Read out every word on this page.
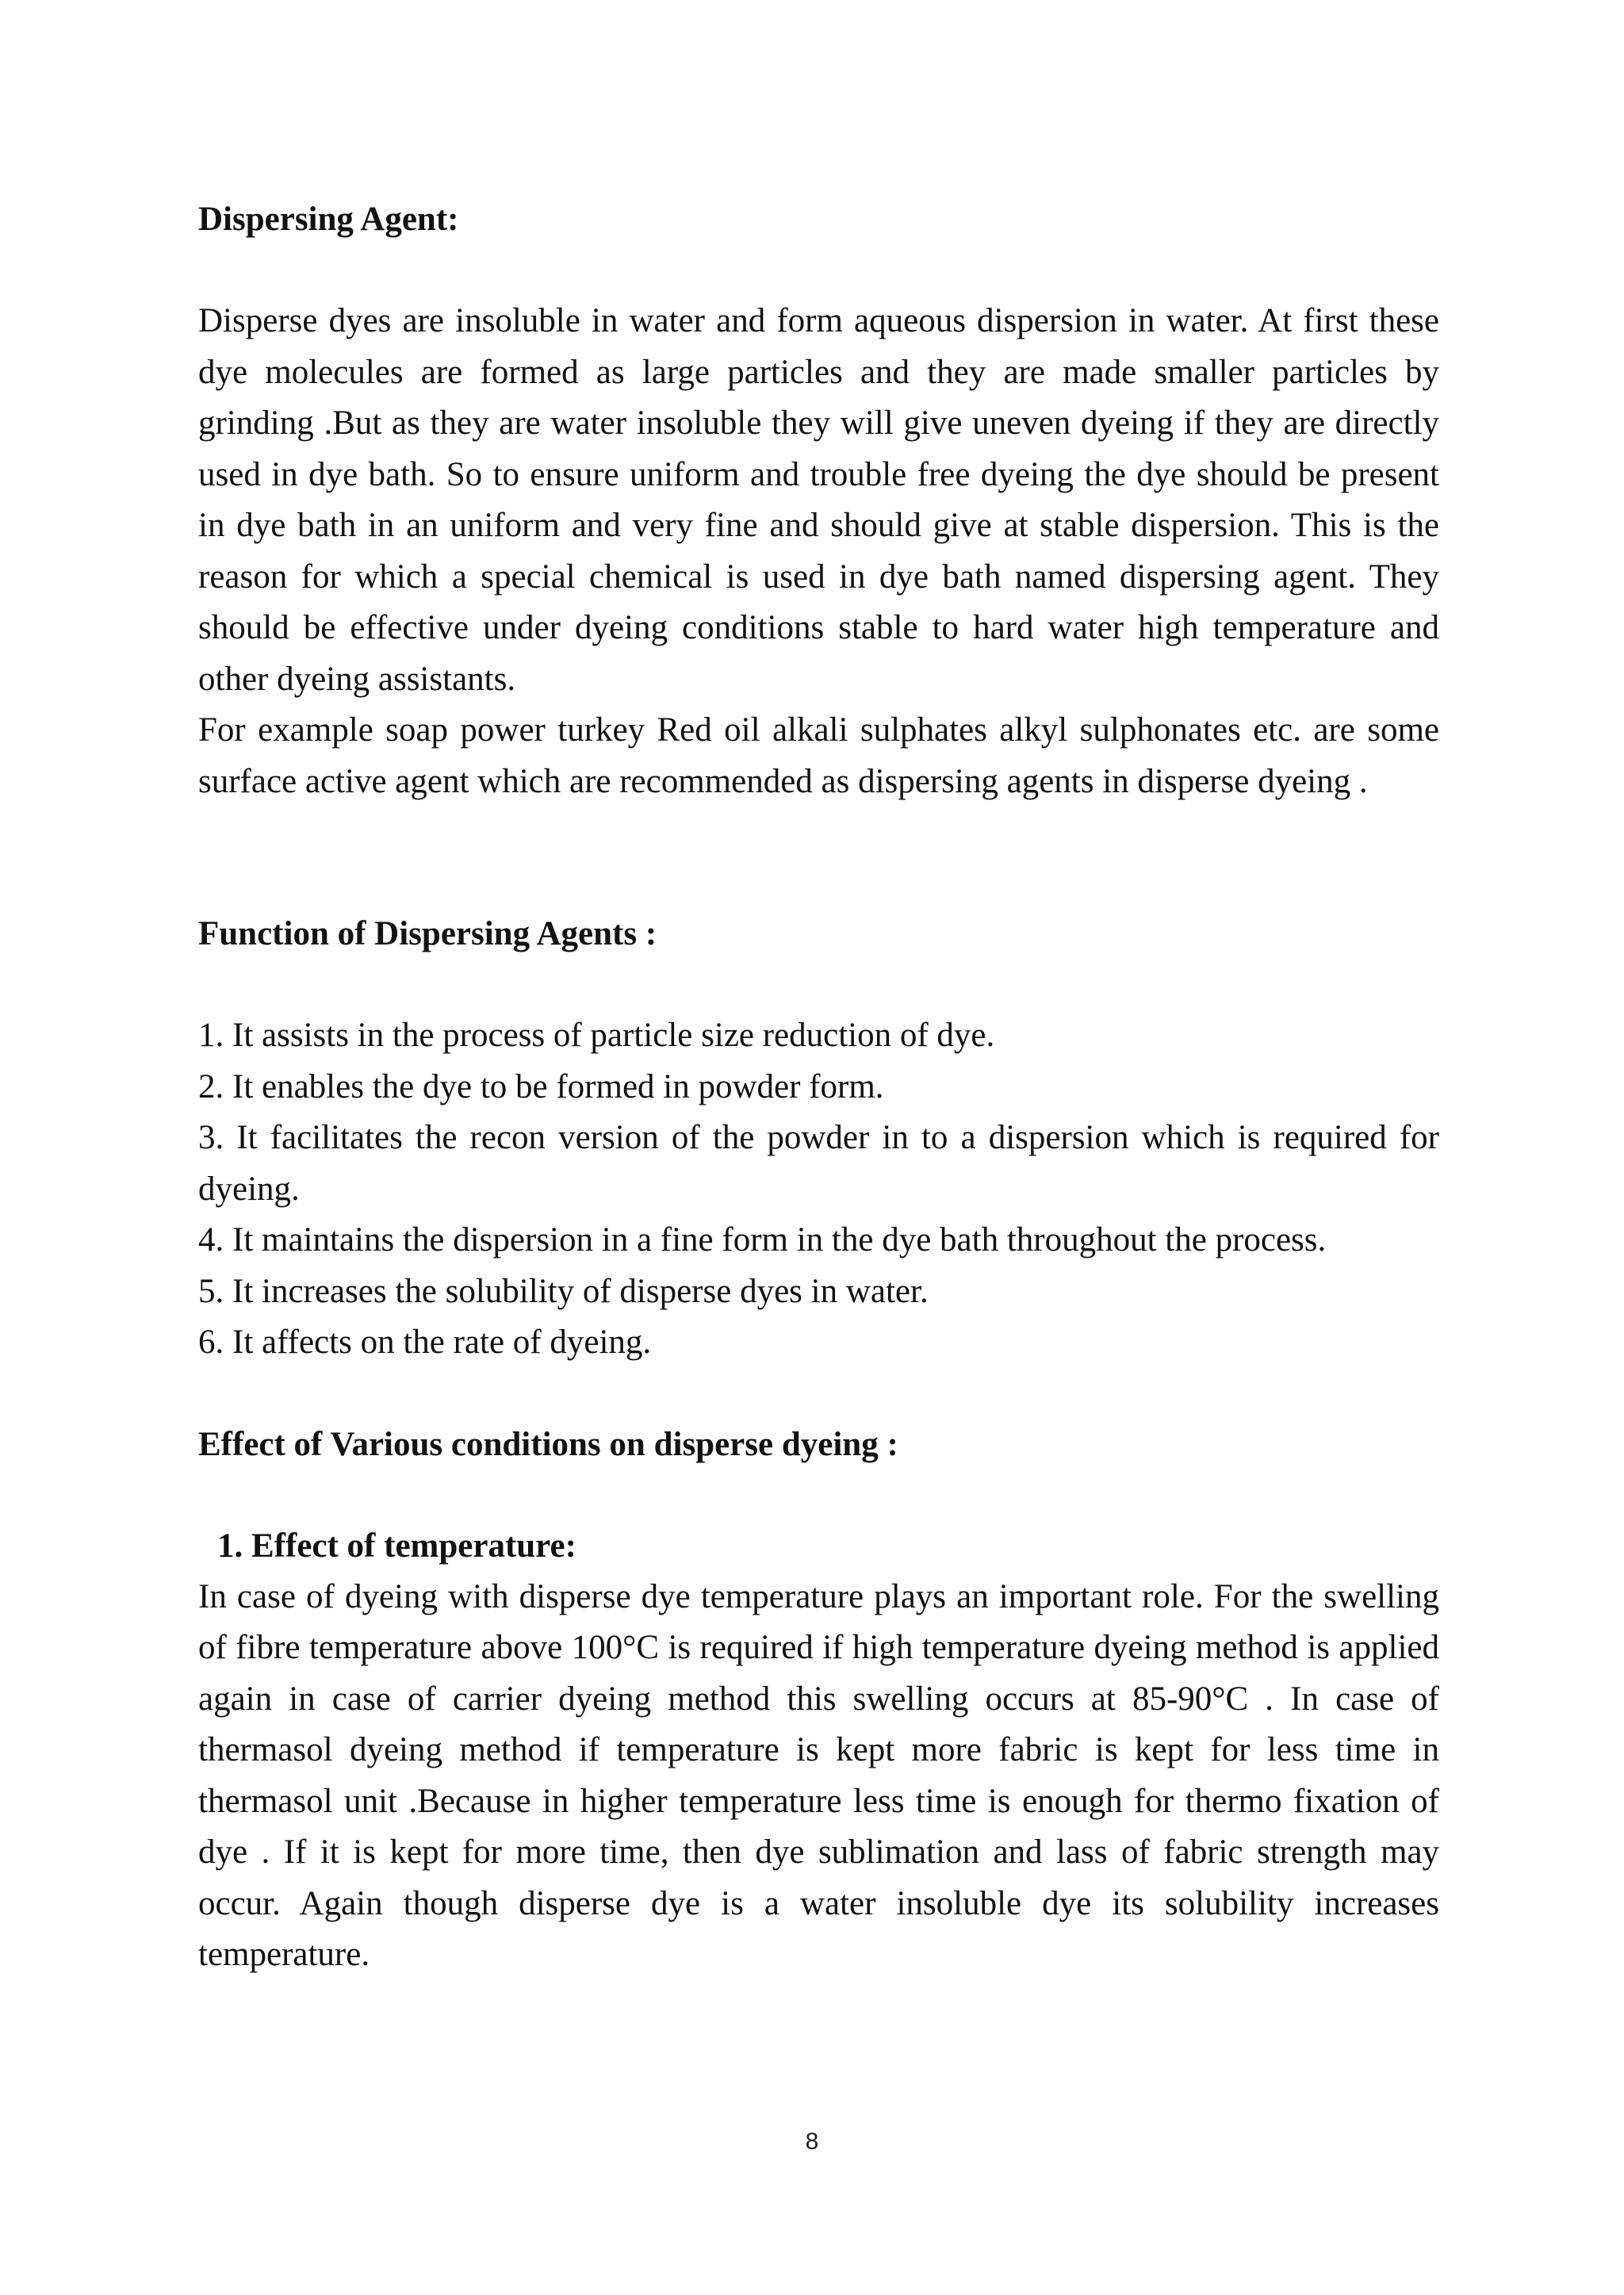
Dispersing Agent:

Disperse dyes are insoluble in water and form aqueous dispersion in water. At first these dye molecules are formed as large particles and they are made smaller particles by grinding .But as they are water insoluble they will give uneven dyeing if they are directly used in dye bath. So to ensure uniform and trouble free dyeing the dye should be present in dye bath in an uniform and very fine and should give at stable dispersion. This is the reason for which a special chemical is used in dye bath named dispersing agent. They should be effective under dyeing conditions stable to hard water high temperature and other dyeing assistants.

For example soap power turkey Red oil alkali sulphates alkyl sulphonates etc. are some surface active agent which are recommended as dispersing agents in disperse dyeing .

Function of Dispersing Agents :

1. It assists in the process of particle size reduction of dye.

2. It enables the dye to be formed in powder form.

3. It facilitates the recon version of the powder in to a dispersion which is required for dyeing.

4. It maintains the dispersion in a fine form in the dye bath throughout the process.

5. It increases the solubility of disperse dyes in water.

6. It affects on the rate of dyeing.

Effect of Various conditions on disperse dyeing :

1. Effect of temperature:

In case of dyeing with disperse dye temperature plays an important role. For the swelling of fibre temperature above 100°C is required if high temperature dyeing method is applied again in case of carrier dyeing method this swelling occurs at 85-90°C . In case of thermasol dyeing method if temperature is kept more fabric is kept for less time in thermasol unit .Because in higher temperature less time is enough for thermo fixation of dye . If it is kept for more time, then dye sublimation and lass of fabric strength may occur. Again though disperse dye is a water insoluble dye its solubility increases temperature.

8
